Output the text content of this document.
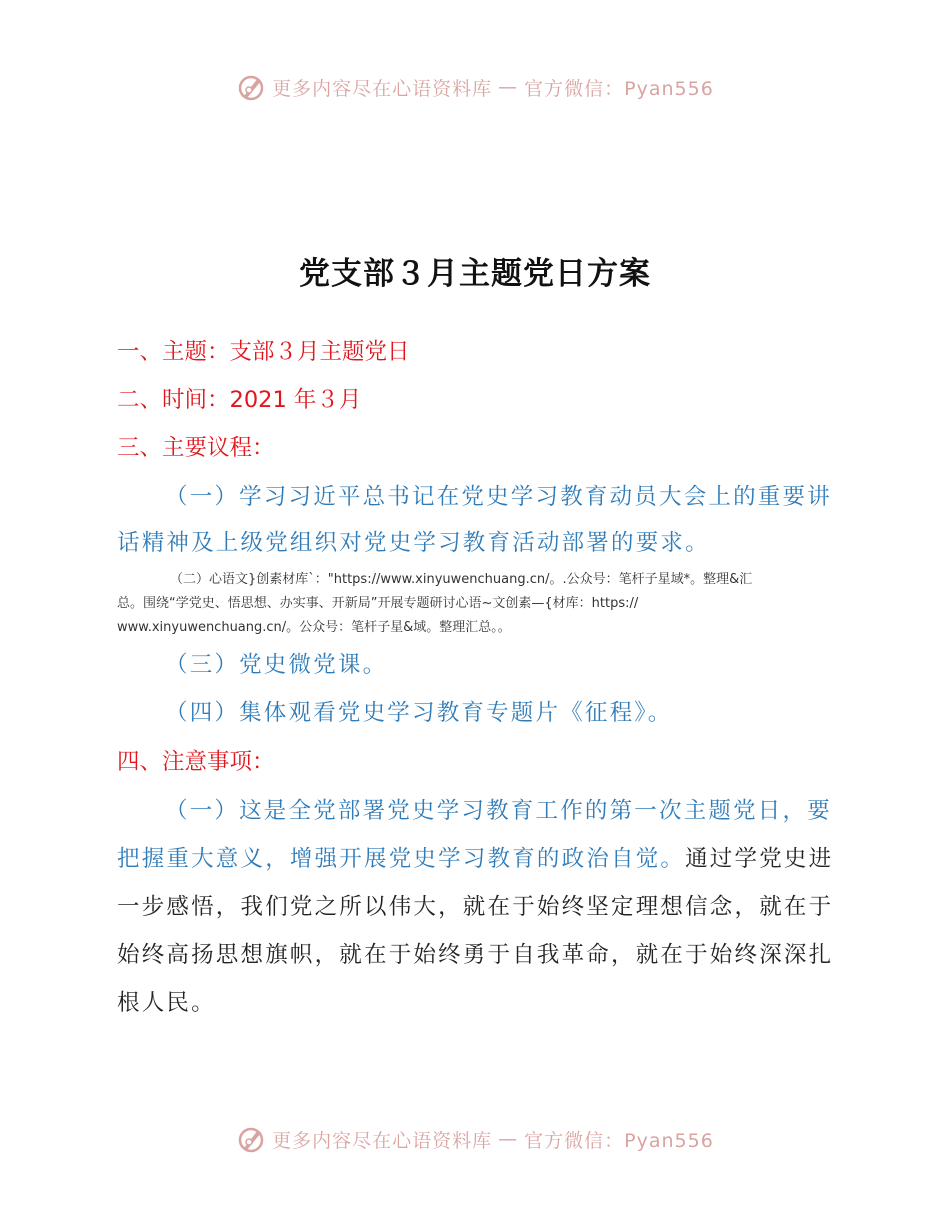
更多内容尽在心语资料库 — 官方微信：Pyan556
党支部３月主题党日方案
一、主题：支部３月主题党日
二、时间：2021 年３月
三、主要议程：
（一）学习习近平总书记在党史学习教育动员大会上的重要讲
话精神及上级党组织对党史学习教育活动部署的要求。
（二）心语文}创素材库`："https://www.xinyuwenchuang.cn/。.公众号：笔杆子星域*。整理&汇
总。围绕“学党史、悟思想、办实事、开新局”开展专题研讨心语~文创素—{材库：https://
www.xinyuwenchuang.cn/。公众号：笔杆子星&域。整理汇总。。
（三）党史微党课。
（四）集体观看党史学习教育专题片《征程》。
四、注意事项：
（一）这是全党部署党史学习教育工作的第一次主题党日，要
把握重大意义，增强开展党史学习教育的政治自觉。通过学党史进
一步感悟，我们党之所以伟大，就在于始终坚定理想信念，就在于
始终高扬思想旗帜，就在于始终勇于自我革命，就在于始终深深扎
根人民。
更多内容尽在心语资料库 — 官方微信：Pyan556
